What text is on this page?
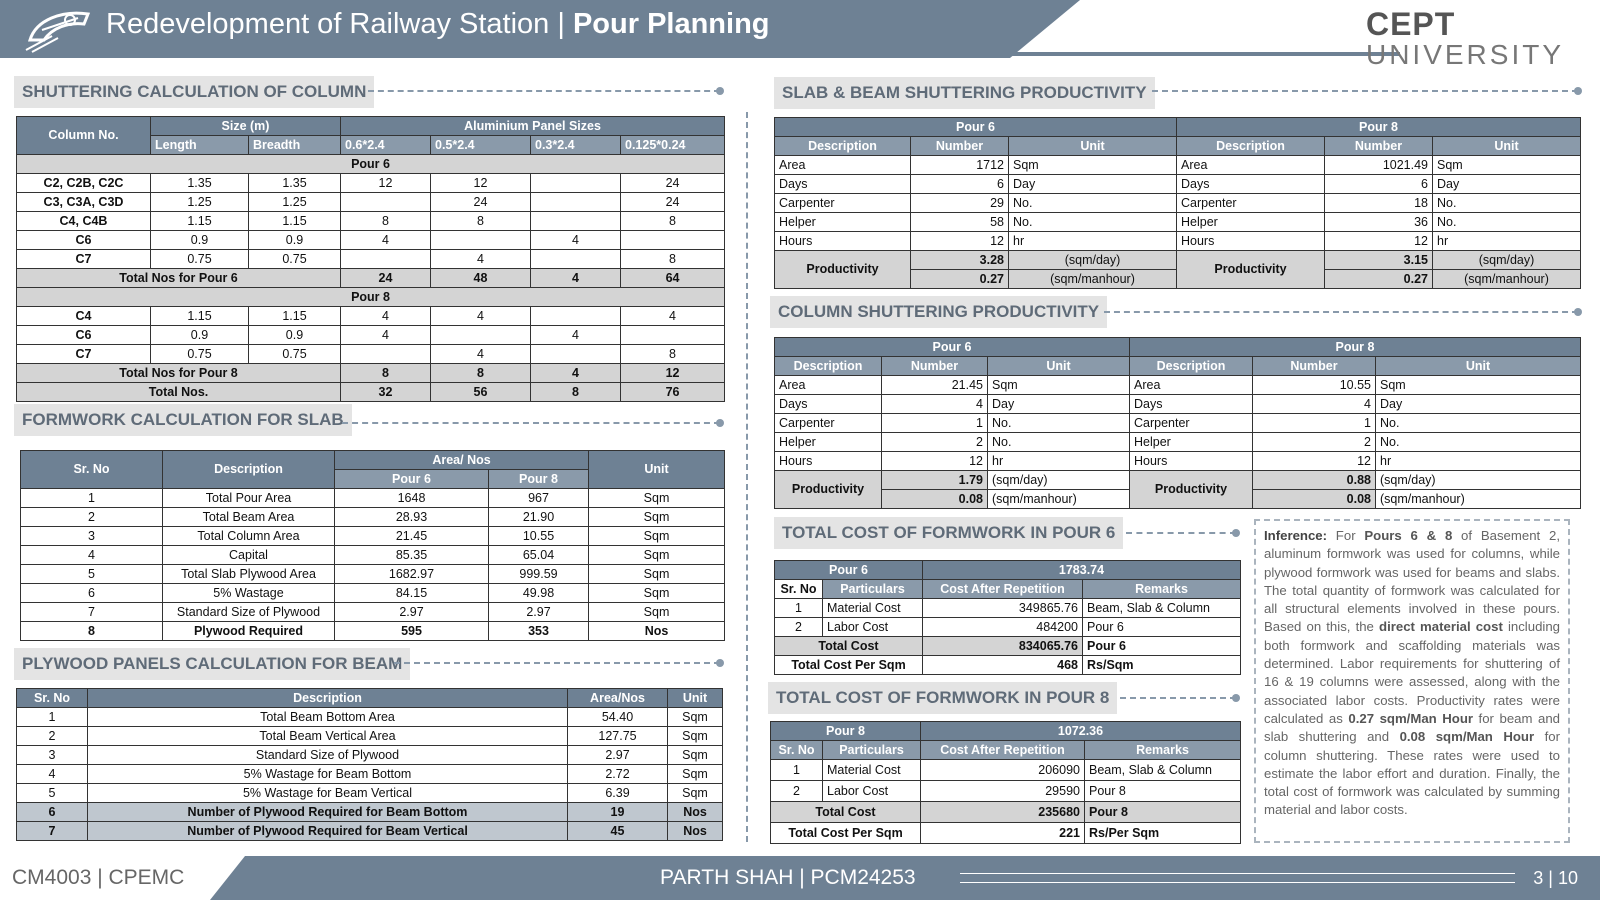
Redevelopment of Railway Station | Pour Planning	CEPT
UNIVERSITY
SHUTTERING CALCULATION OF COLUMN
Column No.	Size (m)		Aluminium Panel Sizes			
	Length	Breadth	0.6*2.4	0.5*2.4	0.3*2.4	0.125*0.24
Pour 6						
C2, C2B, C2C	1.35	1.35	12	12		24
C3, C3A, C3D	1.25	1.25		24		24
C4, C4B	1.15	1.15	8	8		8
C6	0.9	0.9	4		4	
C7	0.75	0.75		4		8
Total Nos for Pour 6			24	48	4	64
Pour 8						
C4	1.15	1.15	4	4		4
C6	0.9	0.9	4		4	
C7	0.75	0.75		4		8
Total Nos for Pour 8			8	8	4	12
Total Nos.			32	56	8	76
FORMWORK CALCULATION FOR SLAB
Sr. No	Description	Area/ Nos		Unit
		Pour 6	Pour 8	
1	Total Pour Area	1648	967	Sqm
2	Total Beam Area	28.93	21.90	Sqm
3	Total Column Area	21.45	10.55	Sqm
4	Capital	85.35	65.04	Sqm
5	Total Slab Plywood Area	1682.97	999.59	Sqm
6	5% Wastage	84.15	49.98	Sqm
7	Standard Size of Plywood	2.97	2.97	Sqm
8	Plywood Required	595	353	Nos
PLYWOOD PANELS CALCULATION FOR BEAM
Sr. No	Description	Area/Nos	Unit
1	Total Beam Bottom Area	54.40	Sqm
2	Total Beam Vertical Area	127.75	Sqm
3	Standard Size of Plywood	2.97	Sqm
4	5% Wastage for Beam Bottom	2.72	Sqm
5	5% Wastage for Beam Vertical	6.39	Sqm
6	Number of Plywood Required for Beam Bottom	19	Nos
7	Number of Plywood Required for Beam Vertical	45	Nos
SLAB & BEAM SHUTTERING PRODUCTIVITY
Pour 6			Pour 8		
Description	Number	Unit	Description	Number	Unit
Area	1712	Sqm	Area	1021.49	Sqm
Days	6	Day	Days	6	Day
Carpenter	29	No.	Carpenter	18	No.
Helper	58	No.	Helper	36	No.
Hours	12	hr	Hours	12	hr
Productivity	3.28	(sqm/day)	Productivity	3.15	(sqm/day)
	0.27	(sqm/manhour)		0.27	(sqm/manhour)
COLUMN SHUTTERING PRODUCTIVITY
Pour 6			Pour 8		
Description	Number	Unit	Description	Number	Unit
Area	21.45	Sqm	Area	10.55	Sqm
Days	4	Day	Days	4	Day
Carpenter	1	No.	Carpenter	1	No.
Helper	2	No.	Helper	2	No.
Hours	12	hr	Hours	12	hr
Productivity	1.79	(sqm/day)	Productivity	0.88	(sqm/day)
	0.08	(sqm/manhour)		0.08	(sqm/manhour)
TOTAL COST OF FORMWORK IN POUR 6
Pour 6		1783.74	
Sr. No	Particulars	Cost After Repetition	Remarks
1	Material Cost	349865.76	Beam, Slab & Column
2	Labor Cost	484200	Pour 6
Total Cost		834065.76	Pour 6
Total Cost Per Sqm		468	Rs/Sqm
TOTAL COST OF FORMWORK IN POUR 8
Pour 8		1072.36	
Sr. No	Particulars	Cost After Repetition	Remarks
1	Material Cost	206090	Beam, Slab & Column
2	Labor Cost	29590	Pour 8
Total Cost		235680	Pour 8
Total Cost Per Sqm		221	Rs/Per Sqm
Inference: For Pours 6 & 8 of Basement 2, aluminum formwork was used for columns, while plywood formwork was used for beams and slabs. The total quantity of formwork was calculated for all structural elements involved in these pours. Based on this, the direct material cost including both formwork and scaffolding materials was determined. Labor requirements for shuttering of 16 & 19 columns were assessed, along with the associated labor costs. Productivity rates were calculated as 0.27 sqm/Man Hour for beam and slab shuttering and 0.08 sqm/Man Hour for column shuttering. These rates were used to estimate the labor effort and duration. Finally, the total cost of formwork was calculated by summing material and labor costs.
CM4003 | CPEMC	PARTH SHAH | PCM24253	3 | 10
